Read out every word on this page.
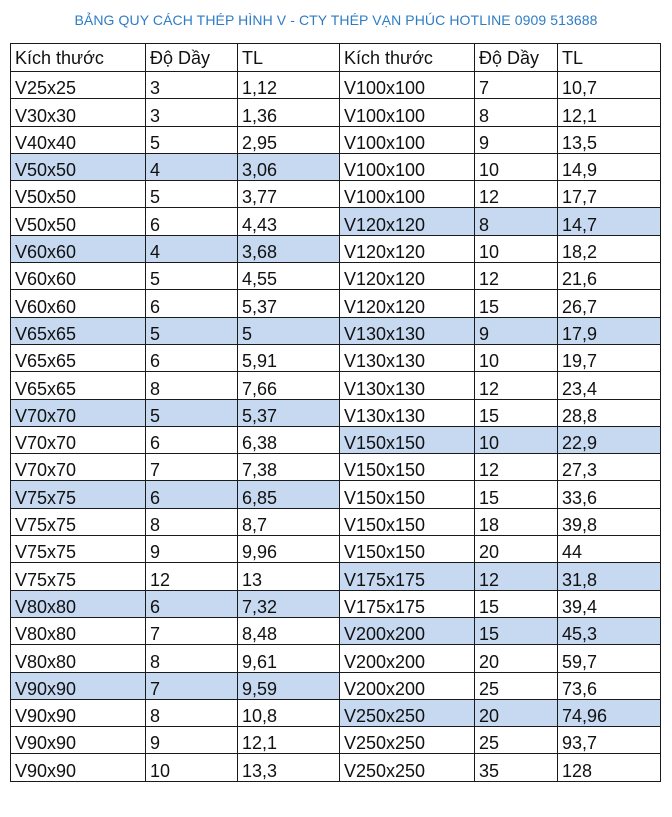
BẢNG QUY CÁCH THÉP HÌNH V - CTY THÉP VẠN PHÚC HOTLINE 0909 513688
Kích thước	Độ Dầy	TL	Kích thước	Độ Dầy	TL
V25x25	3	1,12	V100x100	7	10,7
V30x30	3	1,36	V100x100	8	12,1
V40x40	5	2,95	V100x100	9	13,5
V50x50	4	3,06	V100x100	10	14,9
V50x50	5	3,77	V100x100	12	17,7
V50x50	6	4,43	V120x120	8	14,7
V60x60	4	3,68	V120x120	10	18,2
V60x60	5	4,55	V120x120	12	21,6
V60x60	6	5,37	V120x120	15	26,7
V65x65	5	5	V130x130	9	17,9
V65x65	6	5,91	V130x130	10	19,7
V65x65	8	7,66	V130x130	12	23,4
V70x70	5	5,37	V130x130	15	28,8
V70x70	6	6,38	V150x150	10	22,9
V70x70	7	7,38	V150x150	12	27,3
V75x75	6	6,85	V150x150	15	33,6
V75x75	8	8,7	V150x150	18	39,8
V75x75	9	9,96	V150x150	20	44
V75x75	12	13	V175x175	12	31,8
V80x80	6	7,32	V175x175	15	39,4
V80x80	7	8,48	V200x200	15	45,3
V80x80	8	9,61	V200x200	20	59,7
V90x90	7	9,59	V200x200	25	73,6
V90x90	8	10,8	V250x250	20	74,96
V90x90	9	12,1	V250x250	25	93,7
V90x90	10	13,3	V250x250	35	128
